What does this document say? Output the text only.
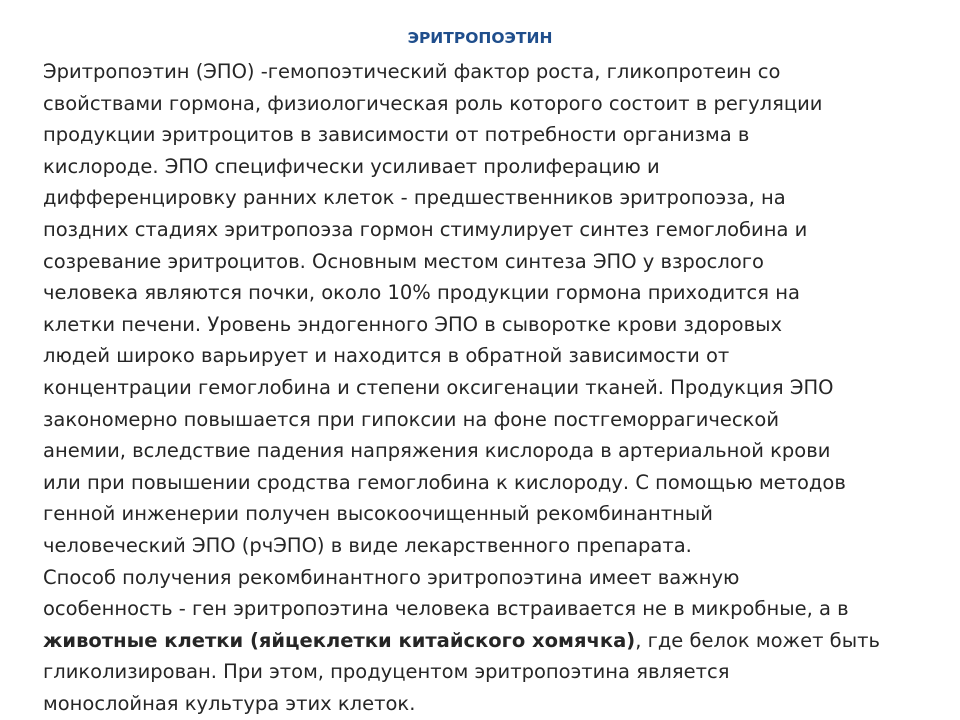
ЭРИТРОПОЭТИН
Эритропоэтин (ЭПО) -гемопоэтический фактор роста, гликопротеин со
свойствами гормона, физиологическая роль которого состоит в регуляции
продукции эритроцитов в зависимости от потребности организма в
кислороде. ЭПО специфически усиливает пролиферацию и
дифференцировку ранних клеток - предшественников эритропоэза, на
поздних стадиях эритропоэза гормон стимулирует синтез гемоглобина и
созревание эритроцитов. Основным местом синтеза ЭПО у взрослого
человека являются почки, около 10% продукции гормона приходится на
клетки печени. Уровень эндогенного ЭПО в сыворотке крови здоровых
людей широко варьирует и находится в обратной зависимости от
концентрации гемоглобина и степени оксигенации тканей. Продукция ЭПО
закономерно повышается при гипоксии на фоне постгеморрагической
анемии, вследствие падения напряжения кислорода в артериальной крови
или при повышении сродства гемоглобина к кислороду. С помощью методов
генной инженерии получен высокоочищенный рекомбинантный
человеческий ЭПО (рчЭПО) в виде лекарственного препарата.
Способ получения рекомбинантного эритропоэтина имеет важную
особенность - ген эритропоэтина человека встраивается не в микробные, а в
животные клетки (яйцеклетки китайского хомячка), где белок может быть
гликолизирован. При этом, продуцентом эритропоэтина является
монослойная культура этих клеток.
